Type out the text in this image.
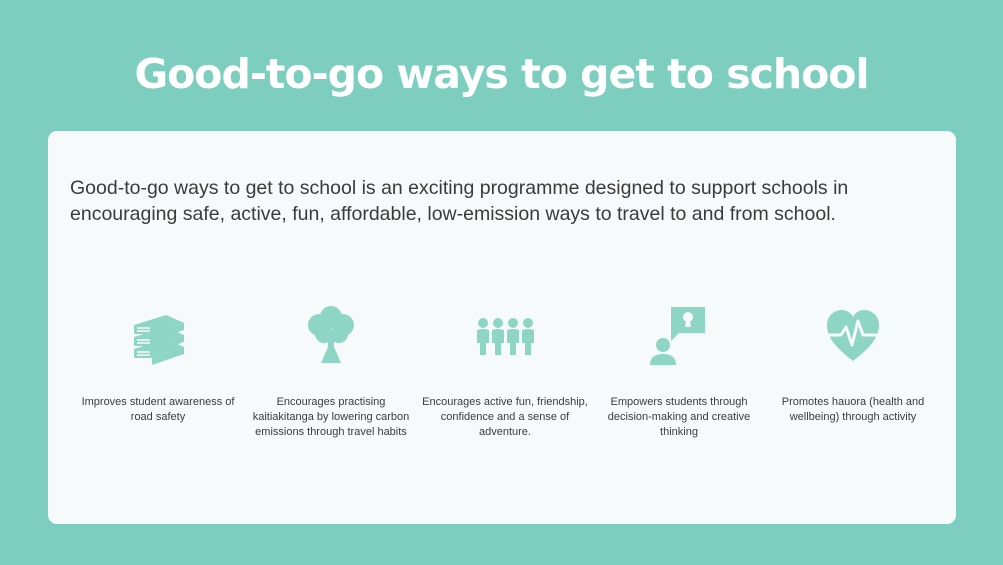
Good-to-go ways to get to school
Good-to-go ways to get to school is an exciting programme designed to support schools in encouraging safe, active, fun, affordable, low-emission ways to travel to and from school.
Improves student awareness of road safety
Encourages practising kaitiakitanga by lowering carbon emissions through travel habits
Encourages active fun, friendship, confidence and a sense of adventure.
Empowers students through decision-making and creative thinking
Promotes hauora (health and wellbeing) through activity
